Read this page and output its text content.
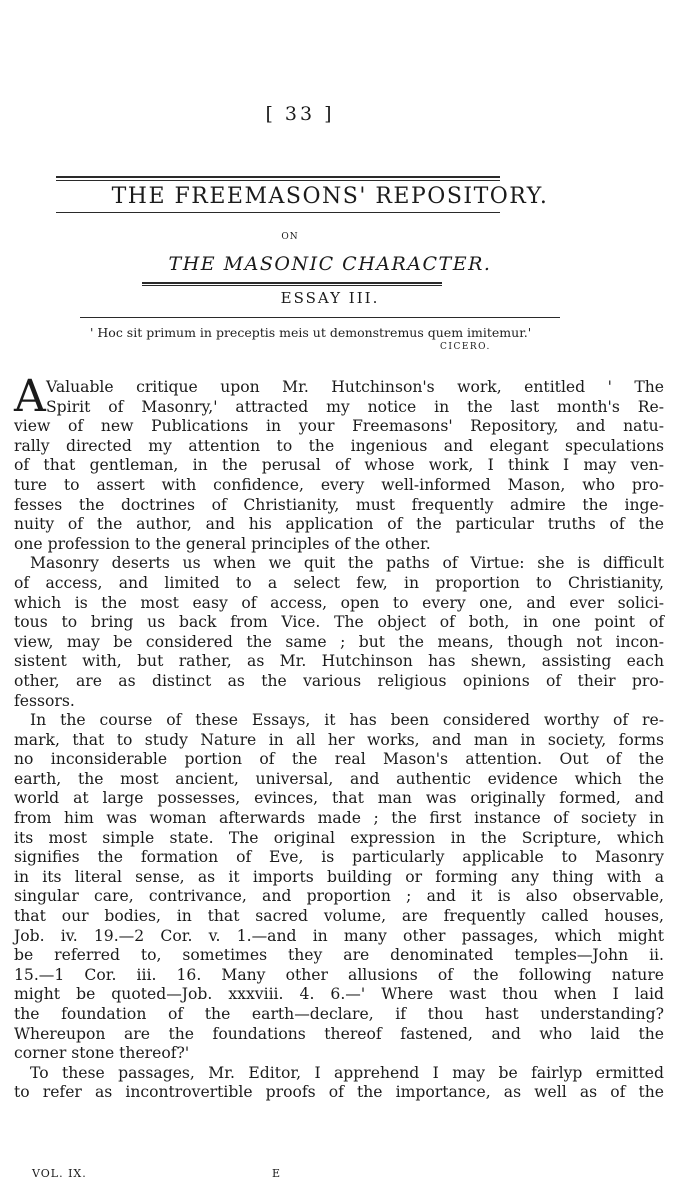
[ 33 ]
THE FREEMASONS' REPOSITORY.
ON
THE MASONIC CHARACTER.
ESSAY III.
' Hoc sit primum in preceptis meis ut demonstremus quem imitemur.'
CICERO.
A Valuable critique upon Mr. Hutchinson's work, entitled ' The
Spirit of Masonry,' attracted my notice in the last month's Re-
view of new Publications in your Freemasons' Repository, and natu-
rally directed my attention to the ingenious and elegant speculations
of that gentleman, in the perusal of whose work, I think I may ven-
ture to assert with confidence, every well-informed Mason, who pro-
fesses the doctrines of Christianity, must frequently admire the inge-
nuity of the author, and his application of the particular truths of the
one profession to the general principles of the other.
Masonry deserts us when we quit the paths of Virtue: she is difficult
of access, and limited to a select few, in proportion to Christianity,
which is the most easy of access, open to every one, and ever solici-
tous to bring us back from Vice. The object of both, in one point of
view, may be considered the same ; but the means, though not incon-
sistent with, but rather, as Mr. Hutchinson has shewn, assisting each
other, are as distinct as the various religious opinions of their pro-
fessors.
In the course of these Essays, it has been considered worthy of re-
mark, that to study Nature in all her works, and man in society, forms
no inconsiderable portion of the real Mason's attention. Out of the
earth, the most ancient, universal, and authentic evidence which the
world at large possesses, evinces, that man was originally formed, and
from him was woman afterwards made ; the first instance of society in
its most simple state. The original expression in the Scripture, which
signifies the formation of Eve, is particularly applicable to Masonry
in its literal sense, as it imports building or forming any thing with a
singular care, contrivance, and proportion ; and it is also observable,
that our bodies, in that sacred volume, are frequently called houses,
Job. iv. 19.—2 Cor. v. 1.—and in many other passages, which might
be referred to, sometimes they are denominated temples—John ii.
15.—1 Cor. iii. 16. Many other allusions of the following nature
might be quoted—Job. xxxviii. 4. 6.—' Where wast thou when I laid
the foundation of the earth—declare, if thou hast understanding?
Whereupon are the foundations thereof fastened, and who laid the
corner stone thereof?'
To these passages, Mr. Editor, I apprehend I may be fairlyp ermitted
to refer as incontrovertible proofs of the importance, as well as of the
VOL. IX.	E
